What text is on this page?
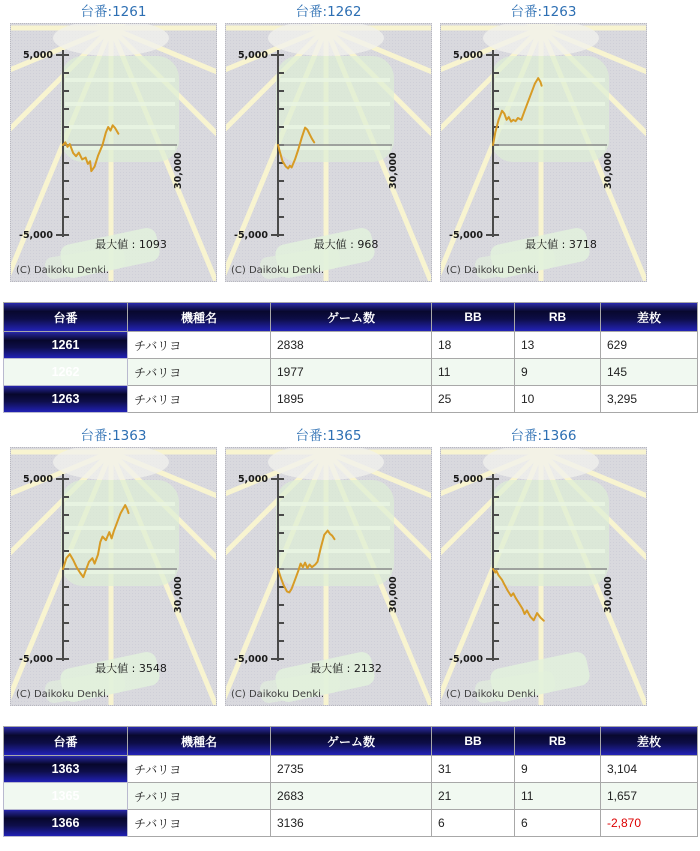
台番:1261
5,000
-5,000
30,000
最大値 : 1093
(C) Daikoku Denki.
台番:1262
5,000
-5,000
30,000
最大値 : 968
(C) Daikoku Denki.
台番:1263
5,000
-5,000
30,000
最大値 : 3718
(C) Daikoku Denki.
台番	機種名	ゲーム数	BB	RB	差枚
1261	チバリヨ	2838	18	13	629
1262	チバリヨ	1977	11	9	145
1263	チバリヨ	1895	25	10	3,295
台番:1363
5,000
-5,000
30,000
最大値 : 3548
(C) Daikoku Denki.
台番:1365
5,000
-5,000
30,000
最大値 : 2132
(C) Daikoku Denki.
台番:1366
5,000
-5,000
30,000
(C) Daikoku Denki.
台番	機種名	ゲーム数	BB	RB	差枚
1363	チバリヨ	2735	31	9	3,104
1365	チバリヨ	2683	21	11	1,657
1366	チバリヨ	3136	6	6	-2,870
